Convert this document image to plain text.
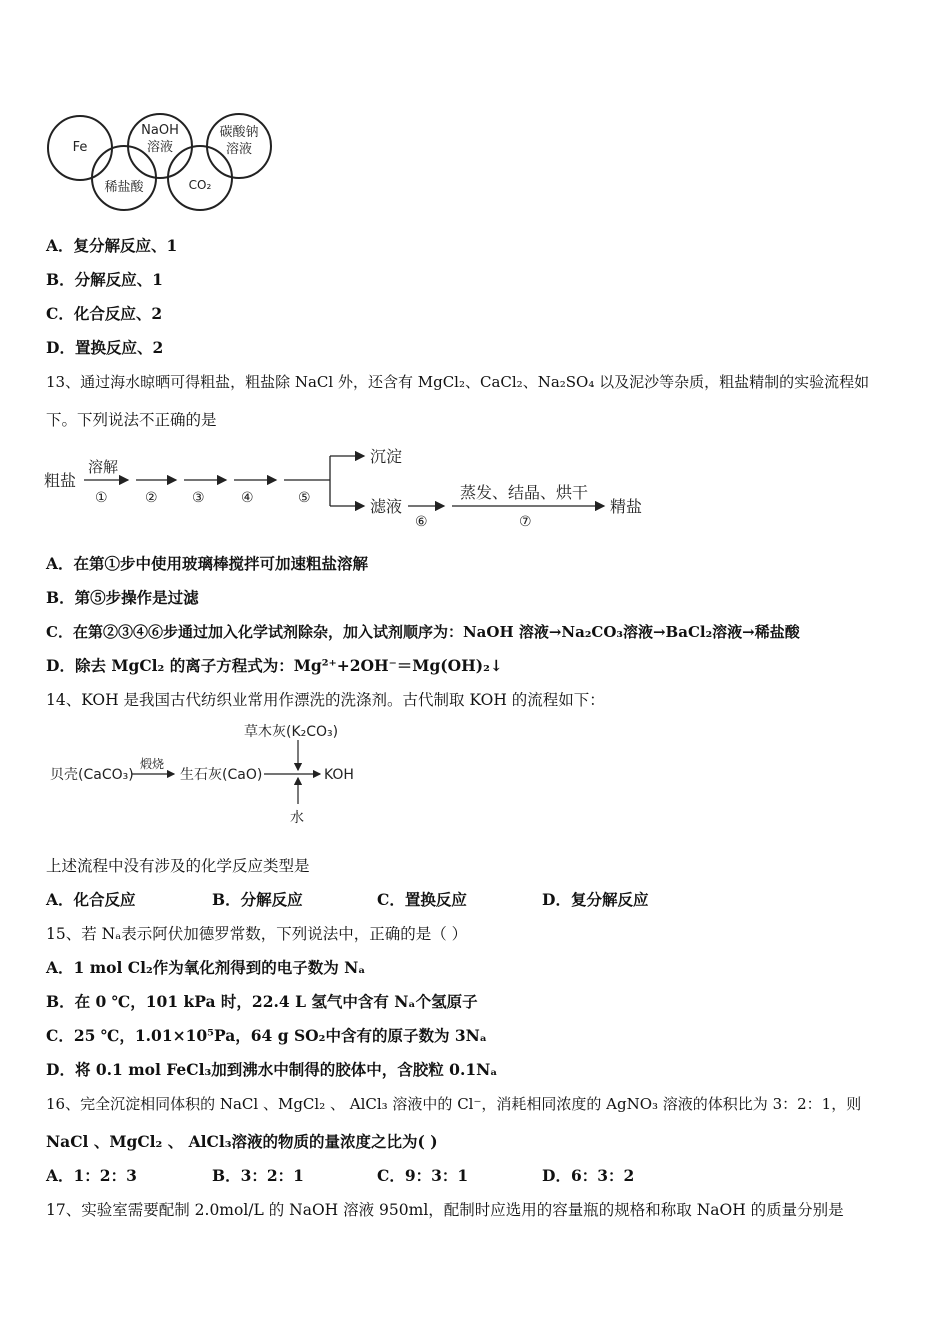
Fe
NaOH
溶液
碳酸钠
溶液
稀盐酸	CO₂
A．复分解反应、1
B．分解反应、1
C．化合反应、2
D．置换反应、2
13、通过海水晾晒可得粗盐，粗盐除 NaCl 外，还含有 MgCl₂、CaCl₂、Na₂SO₄ 以及泥沙等杂质，粗盐精制的实验流程如
下。下列说法不正确的是
粗盐
溶解
①	② ③	④	⑤
沉淀
滤液
⑥
蒸发、结晶、烘干
⑦
精盐
A．在第①步中使用玻璃棒搅拌可加速粗盐溶解
B．第⑤步操作是过滤
C．在第②③④⑥步通过加入化学试剂除杂，加入试剂顺序为：NaOH 溶液→Na₂CO₃溶液→BaCl₂溶液→稀盐酸
D．除去 MgCl₂ 的离子方程式为：Mg²⁺+2OH⁻＝Mg(OH)₂↓
14、KOH 是我国古代纺织业常用作漂洗的洗涤剂。古代制取 KOH 的流程如下：
草木灰(K₂CO₃)
贝壳(CaCO₃)
煅烧
生石灰(CaO)	KOH
水
上述流程中没有涉及的化学反应类型是
A．化合反应	B．分解反应	C．置换反应	D．复分解反应
15、若 Nₐ表示阿伏加德罗常数，下列说法中，正确的是（ ）
A．1 mol Cl₂作为氧化剂得到的电子数为 Nₐ
B．在 0 ℃，101 kPa 时，22.4 L 氢气中含有 Nₐ个氢原子
C．25 ℃，1.01×10⁵Pa，64 g SO₂中含有的原子数为 3Nₐ
D．将 0.1 mol FeCl₃加到沸水中制得的胶体中，含胶粒 0.1Nₐ
16、完全沉淀相同体积的 NaCl 、MgCl₂ 、 AlCl₃ 溶液中的 Cl⁻，消耗相同浓度的 AgNO₃ 溶液的体积比为 3：2：1，则
NaCl 、MgCl₂ 、 AlCl₃溶液的物质的量浓度之比为( )
A．1：2：3	B．3：2：1	C．9：3：1	D．6：3：2
17、实验室需要配制 2.0mol/L 的 NaOH 溶液 950ml，配制时应选用的容量瓶的规格和称取 NaOH 的质量分别是
